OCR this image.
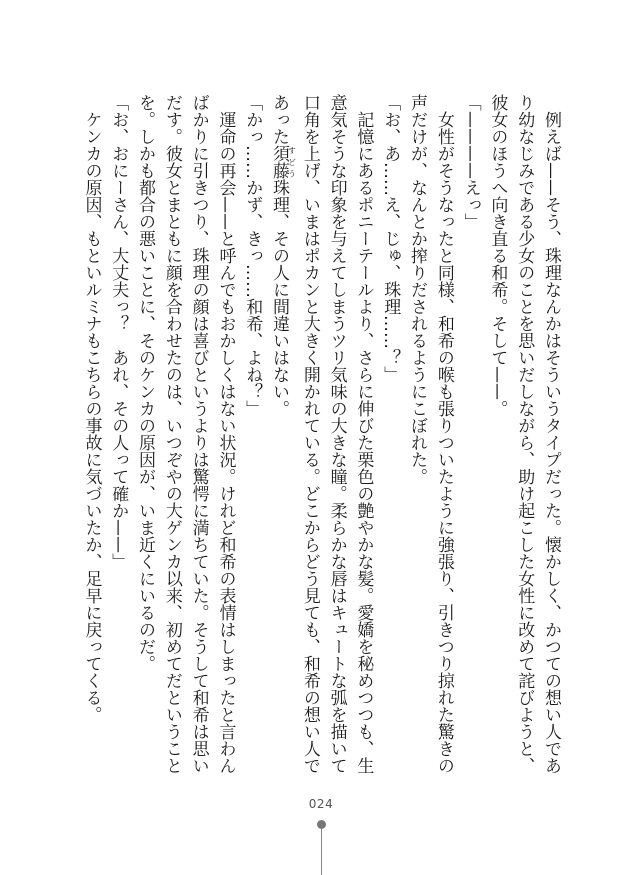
　例えば——そう、珠理なんかはそういうタイプだった。懐かしく、かつての想い人であ
り幼なじみである少女のことを思いだしながら、助け起こした女性に改めて詫びようと、
彼女のほうへ向き直る和希。そして——。
「————えっ」
　女性がそうなったと同様、和希の喉も張りついたように強張り、引きつり掠れた驚きの
声だけが、なんとか搾りだされるようにこぼれた。
「お、あ……え、じゅ、珠理……？」
　記憶にあるポニーテールより、さらに伸びた栗色の艶やかな髪。愛嬌を秘めつつも、生
意気そうな印象を与えてしまうツリ気味の大きな瞳。柔らかな唇はキュートな弧を描いて
口角を上げ、いまはポカンと大きく開かれている。どこからどう見ても、和希の想い人で
あった須藤すどう珠理、その人に間違いはない。
「かっ……かず、きっ……和希、よね？」
　運命の再会——と呼んでもおかしくはない状況。けれど和希の表情はしまったと言わん
ばかりに引きつり、珠理の顔は喜びというよりは驚愕に満ちていた。そうして和希は思い
だす。彼女とまともに顔を合わせたのは、いつぞやの大ゲンカ以来、初めてだということ
を。しかも都合の悪いことに、そのケンカの原因が、いま近くにいるのだ。
「お、おにーさん、大丈夫っ？　あれ、その人って確か——」
　ケンカの原因、もといルミナもこちらの事故に気づいたか、足早に戻ってくる。
024
